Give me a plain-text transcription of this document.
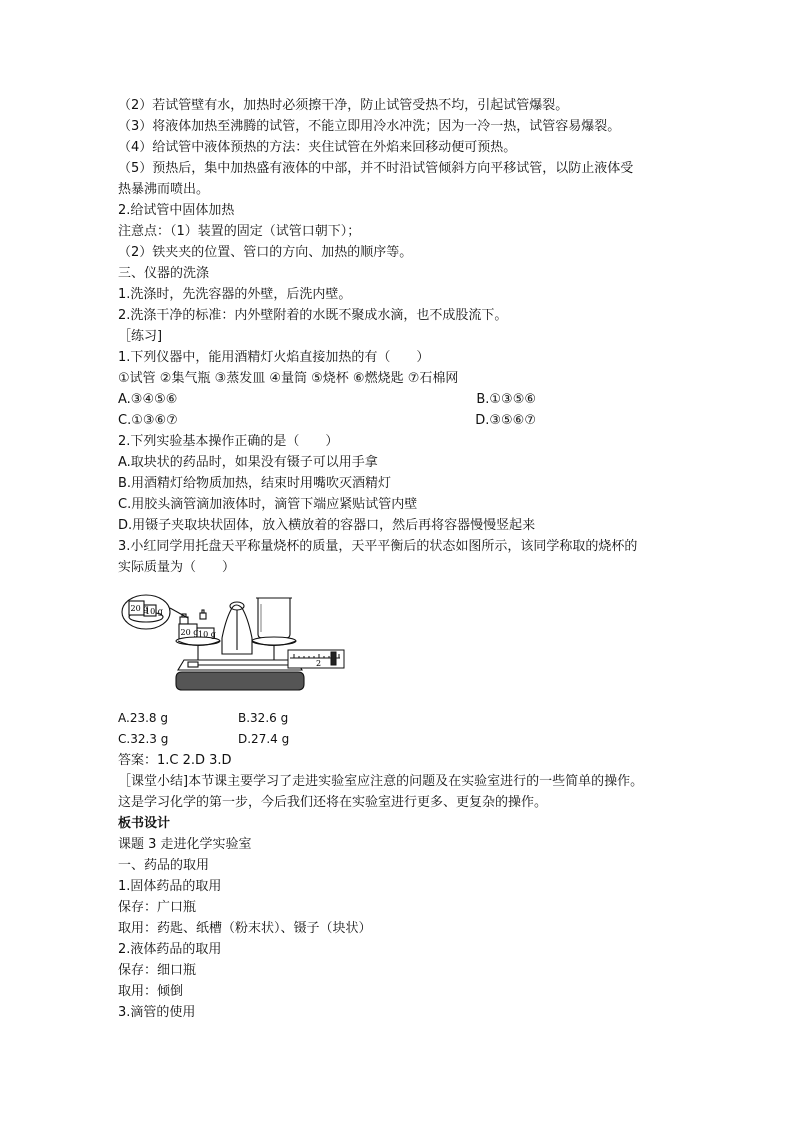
（2）若试管壁有水，加热时必须擦干净，防止试管受热不均，引起试管爆裂。
（3）将液体加热至沸腾的试管，不能立即用冷水冲洗；因为一冷一热，试管容易爆裂。
（4）给试管中液体预热的方法：夹住试管在外焰来回移动便可预热。
（5）预热后，集中加热盛有液体的中部，并不时沿试管倾斜方向平移试管，以防止液体受
热暴沸而喷出。
2.给试管中固体加热
注意点：（1）装置的固定（试管口朝下）；
（2）铁夹夹的位置、管口的方向、加热的顺序等。
三、仪器的洗涤
1.洗涤时，先洗容器的外壁，后洗内壁。
2.洗涤干净的标准：内外壁附着的水既不聚成水滴，也不成股流下。
［练习]
1.下列仪器中，能用酒精灯火焰直接加热的有（　　）
①试管 ②集气瓶 ③蒸发皿 ④量筒 ⑤烧杯 ⑥燃烧匙 ⑦石棉网
A.③④⑤⑥	B.①③⑤⑥
C.①③⑥⑦	D.③⑤⑥⑦
2.下列实验基本操作正确的是（　　）
A.取块状的药品时，如果没有镊子可以用手拿
B.用酒精灯给物质加热，结束时用嘴吹灭酒精灯
C.用胶头滴管滴加液体时，滴管下端应紧贴试管内壁
D.用镊子夹取块状固体，放入横放着的容器口，然后再将容器慢慢竖起来
3.小红同学用托盘天平称量烧杯的质量，天平平衡后的状态如图所示，该同学称取的烧杯的
实际质量为（　　）
20 g
10 g
20 g 10 g
2 3
A.23.8 g	B.32.6 g
C.32.3 g	D.27.4 g
答案：1.C 2.D 3.D
［课堂小结]本节课主要学习了走进实验室应注意的问题及在实验室进行的一些简单的操作。
这是学习化学的第一步，今后我们还将在实验室进行更多、更复杂的操作。
板书设计
课题 3 走进化学实验室
一、药品的取用
1.固体药品的取用
保存：广口瓶
取用：药匙、纸槽（粉末状）、镊子（块状）
2.液体药品的取用
保存：细口瓶
取用：倾倒
3.滴管的使用
